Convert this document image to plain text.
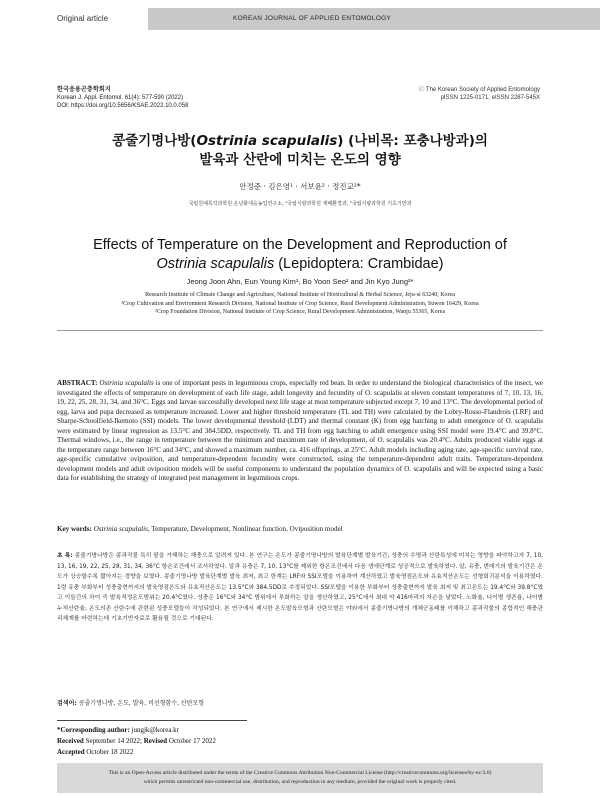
Original article	KOREAN JOURNAL OF APPLIED ENTOMOLOGY
한국응용곤충학회지
Korean J. Appl. Entomol. 61(4): 577-590 (2022)
DOI: https://doi.org/10.5656/KSAE.2022.10.0.058
ⓒ The Korean Society of Applied Entomology
pISSN 1225-0171, eISSN 2287-545X
콩줄기명나방(Ostrinia scapulalis) (나비목: 포충나방과)의
발육과 산란에 미치는 온도의 영향
안정준 · 김은영¹ · 서보윤² · 정진교²*
국립원예특작과학원 온난화대응농업연구소, ¹국립식량과학원 재배환경과, ²국립식량과학원 기초기반과
Effects of Temperature on the Development and Reproduction of
Ostrinia scapulalis (Lepidoptera: Crambidae)
Jeong Joon Ahn, Eun Young Kim¹, Bo Yoon Seo² and Jin Kyo Jung²*
Research Institute of Climate Change and Agriculture, National Institute of Horticultural & Herbal Science, Jeju-si 63240, Korea
¹Crop Cultivation and Environment Research Division, National Institute of Crop Science, Rural Development Administration, Suwon 16429, Korea
²Crop Foundation Division, National Institute of Crop Science, Rural Development Administration, Wanju 55365, Korea
ABSTRACT: Ostrinia scapulalis is one of important pests in leguminous crops, especially red bean. In order to understand the biological characteristics of the insect, we investigated the effects of temperature on development of each life stage, adult longevity and fecundity of O. scapulalis at eleven constant temperatures of 7, 10, 13, 16, 19, 22, 25, 28, 31, 34, and 36°C. Eggs and larvae successfully developed next life stage at most temperature subjected except 7, 10 and 13°C. The developmental period of egg, larva and pupa decreased as temperature increased. Lower and higher threshold temperature (TL and TH) were calculated by the Lobry-Rosso-Flandrois (LRF) and Sharpe-Schoolfield-Ikemoto (SSI) models. The lower developmental threshold (LDT) and thermal constant (K) from egg hatching to adult emergence of O. scapulalis were estimated by linear regression as 13.5°C and 384.5DD, respectively. TL and TH from egg hatching to adult emergence using SSI model were 19.4°C and 39.8°C. Thermal windows, i.e., the range in temperature between the minimum and maximum rate of development, of O. scapulalis was 20.4°C. Adults produced viable eggs at the temperature range between 16°C and 34°C, and showed a maximum number, ca. 416 offsprings, at 25°C. Adult models including aging rate, age-specific survival rate, age-specific cumulative oviposition, and temperature-dependent fecundity were constructed, using the temperature-dependent adult traits. Temperature-dependent development models and adult oviposition models will be useful components to understand the population dynamics of O. scapulalis and will be expected using a basic data for establishing the strategy of integrated pest management in leguminous crops.
Key words: Ostrinia scapulalis, Temperature, Development, Nonlinear function, Oviposition model
초 록: 콩줄기명나방은 콩과작물 특히 팥을 가해하는 해충으로 알려져 있다. 본 연구는 온도가 콩줄기명나방의 발육단계별 발육기간, 성충의 수명과 산란특성에 미치는 영향을 파악하고자 7, 10, 13, 16, 19, 22, 25, 28, 31, 34, 36°C 항온조건에서 조사하였다. 알과 유충은 7, 10, 13°C를 제외한 항온조건에서 다음 생애단계로 성공적으로 발육하였다. 알, 유충, 번데기의 발육기간은 온도가 상승할수록 짧아지는 경향을 보였다. 콩줄기명나방 발육단계별 발육 최저, 최고 한계는 LRF와 SSI모델을 이용하여 계산하였고 발육영점온도와 유효적산온도는 선형회귀분석을 이용하였다. 1령 유충 부화부터 성충출현까지의 발육영점온도와 유효적산온도는 13.5°C와 384.5DD로 추정되었다. SSI모델을 이용한 부화부터 성충출현까지 발육 최저 및 최고온도는 19.4°C와 39.8°C였고 이들간의 차이 즉 발육적정온도범위는 20.4°C였다. 성충은 16°C와 34°C 범위에서 부화하는 알을 생산하였고, 25°C에서 최대 약 416마리의 자손을 낳았다. 노화율, 나이별 생존율, 나이별 누적산란율, 온도의존 산란수에 관련된 성충모델들이 작성되었다. 본 연구에서 제시한 온도발육모형과 산란모형은 야외에서 콩줄기명나방의 개체군동태를 이해하고 콩과작물의 종합적인 해충관리체계를 마련하는데 기초기반자료로 활용될 것으로 기대된다.
검색어: 콩줄기명나방, 온도, 발육, 비선형함수, 산란모형
*Corresponding author: jungjk@korea.kr
Received September 14 2022; Revised October 17 2022
Accepted October 18 2022
This is an Open-Access article distributed under the terms of the Creative Commons Attribution Non-Commercial License (http://creativecommons.org/licenses/by-nc/3.0)
which permits unrestricted non-commercial use, distribution, and reproduction in any medium, provided the original work is properly cited.
